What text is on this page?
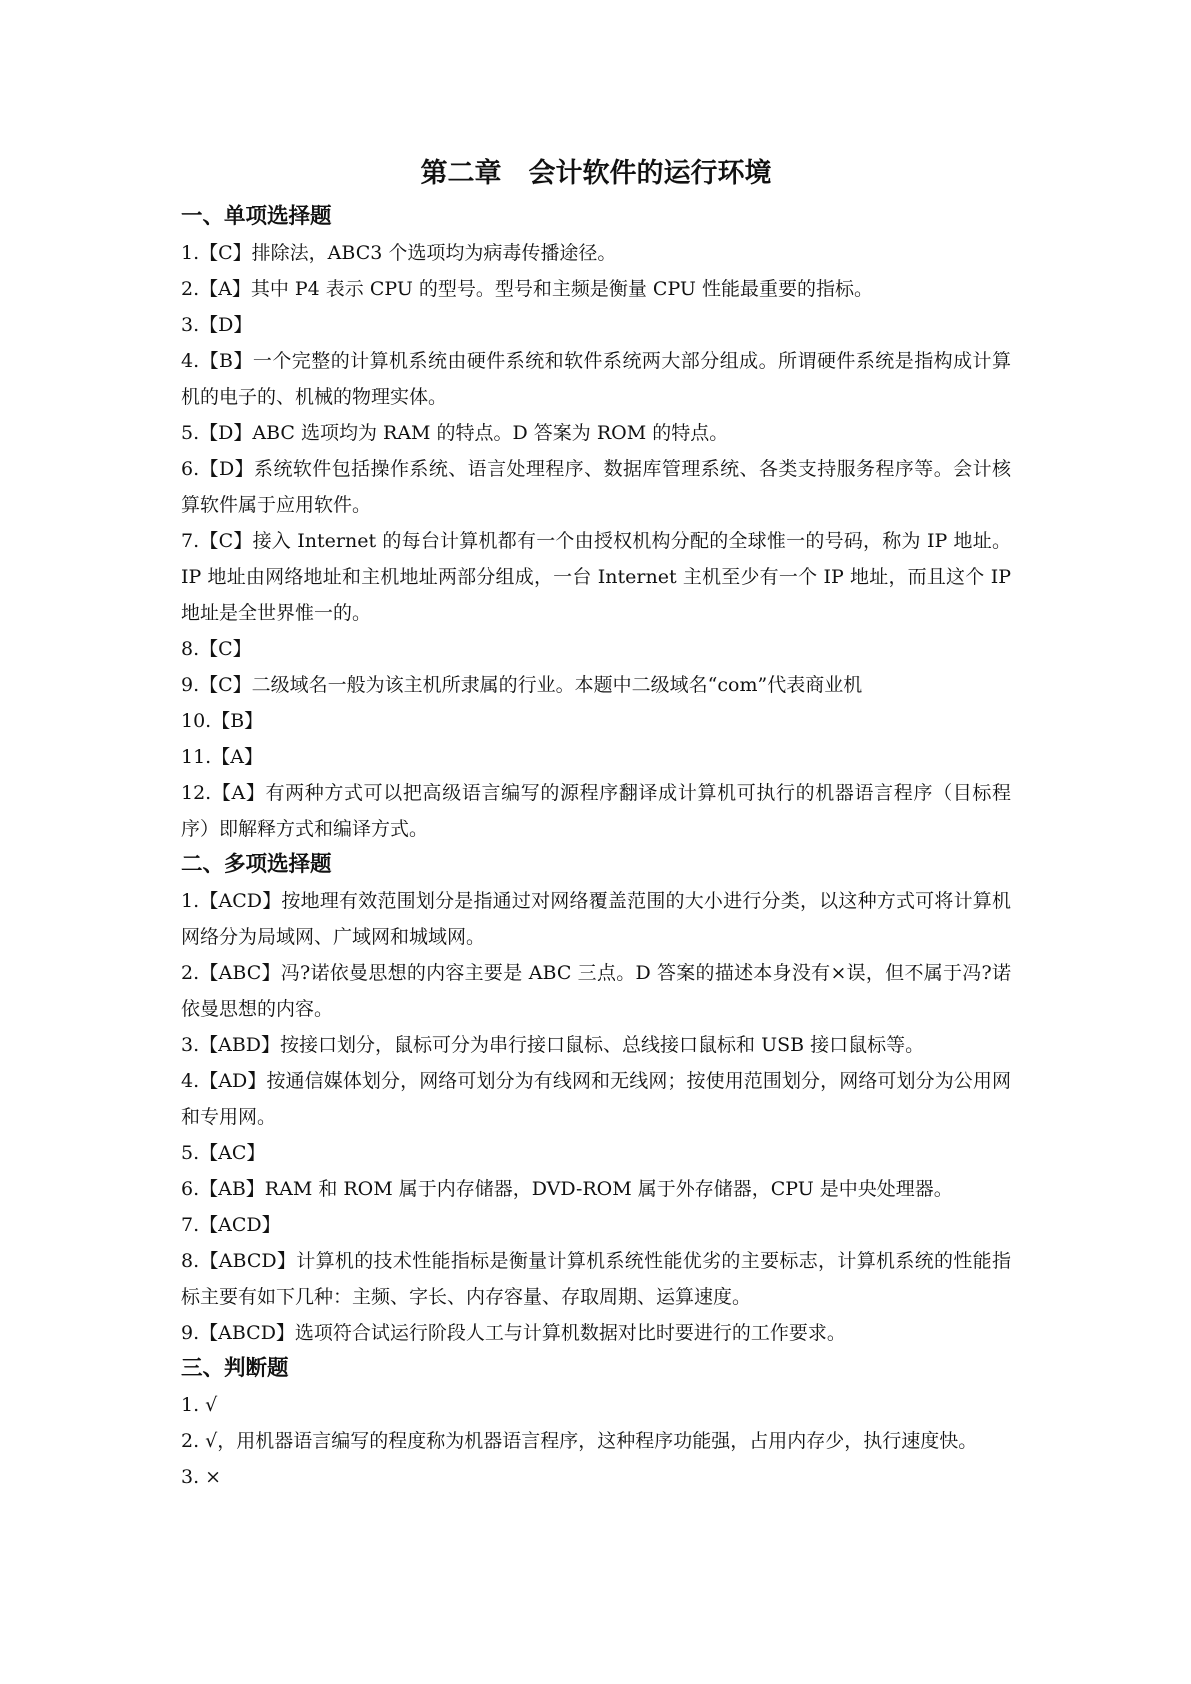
第二章　会计软件的运行环境
一、单项选择题

1.【C】排除法，ABC3 个选项均为病毒传播途径。

2.【A】其中 P4 表示 CPU 的型号。型号和主频是衡量 CPU 性能最重要的指标。

3.【D】

4.【B】一个完整的计算机系统由硬件系统和软件系统两大部分组成。所谓硬件系统是指构成计算机的电子的、机械的物理实体。

5.【D】ABC 选项均为 RAM 的特点。D 答案为 ROM 的特点。

6.【D】系统软件包括操作系统、语言处理程序、数据库管理系统、各类支持服务程序等。会计核算软件属于应用软件。

7.【C】接入 Internet 的每台计算机都有一个由授权机构分配的全球惟一的号码，称为 IP 地址。IP 地址由网络地址和主机地址两部分组成，一台 Internet 主机至少有一个 IP 地址，而且这个 IP 地址是全世界惟一的。

8.【C】

9.【C】二级域名一般为该主机所隶属的行业。本题中二级域名“com”代表商业机

10.【B】

11.【A】

12.【A】有两种方式可以把高级语言编写的源程序翻译成计算机可执行的机器语言程序（目标程序）即解释方式和编译方式。

二、多项选择题

1.【ACD】按地理有效范围划分是指通过对网络覆盖范围的大小进行分类，以这种方式可将计算机网络分为局域网、广域网和城域网。

2.【ABC】冯?诺依曼思想的内容主要是 ABC 三点。D 答案的描述本身没有×误，但不属于冯?诺依曼思想的内容。

3.【ABD】按接口划分，鼠标可分为串行接口鼠标、总线接口鼠标和 USB 接口鼠标等。

4.【AD】按通信媒体划分，网络可划分为有线网和无线网；按使用范围划分，网络可划分为公用网和专用网。

5.【AC】

6.【AB】RAM 和 ROM 属于内存储器，DVD-ROM 属于外存储器，CPU 是中央处理器。

7.【ACD】

8.【ABCD】计算机的技术性能指标是衡量计算机系统性能优劣的主要标志，计算机系统的性能指标主要有如下几种：主频、字长、内存容量、存取周期、运算速度。

9.【ABCD】选项符合试运行阶段人工与计算机数据对比时要进行的工作要求。

三、判断题

1. √

2. √，用机器语言编写的程度称为机器语言程序，这种程序功能强，占用内存少，执行速度快。

3. ×
